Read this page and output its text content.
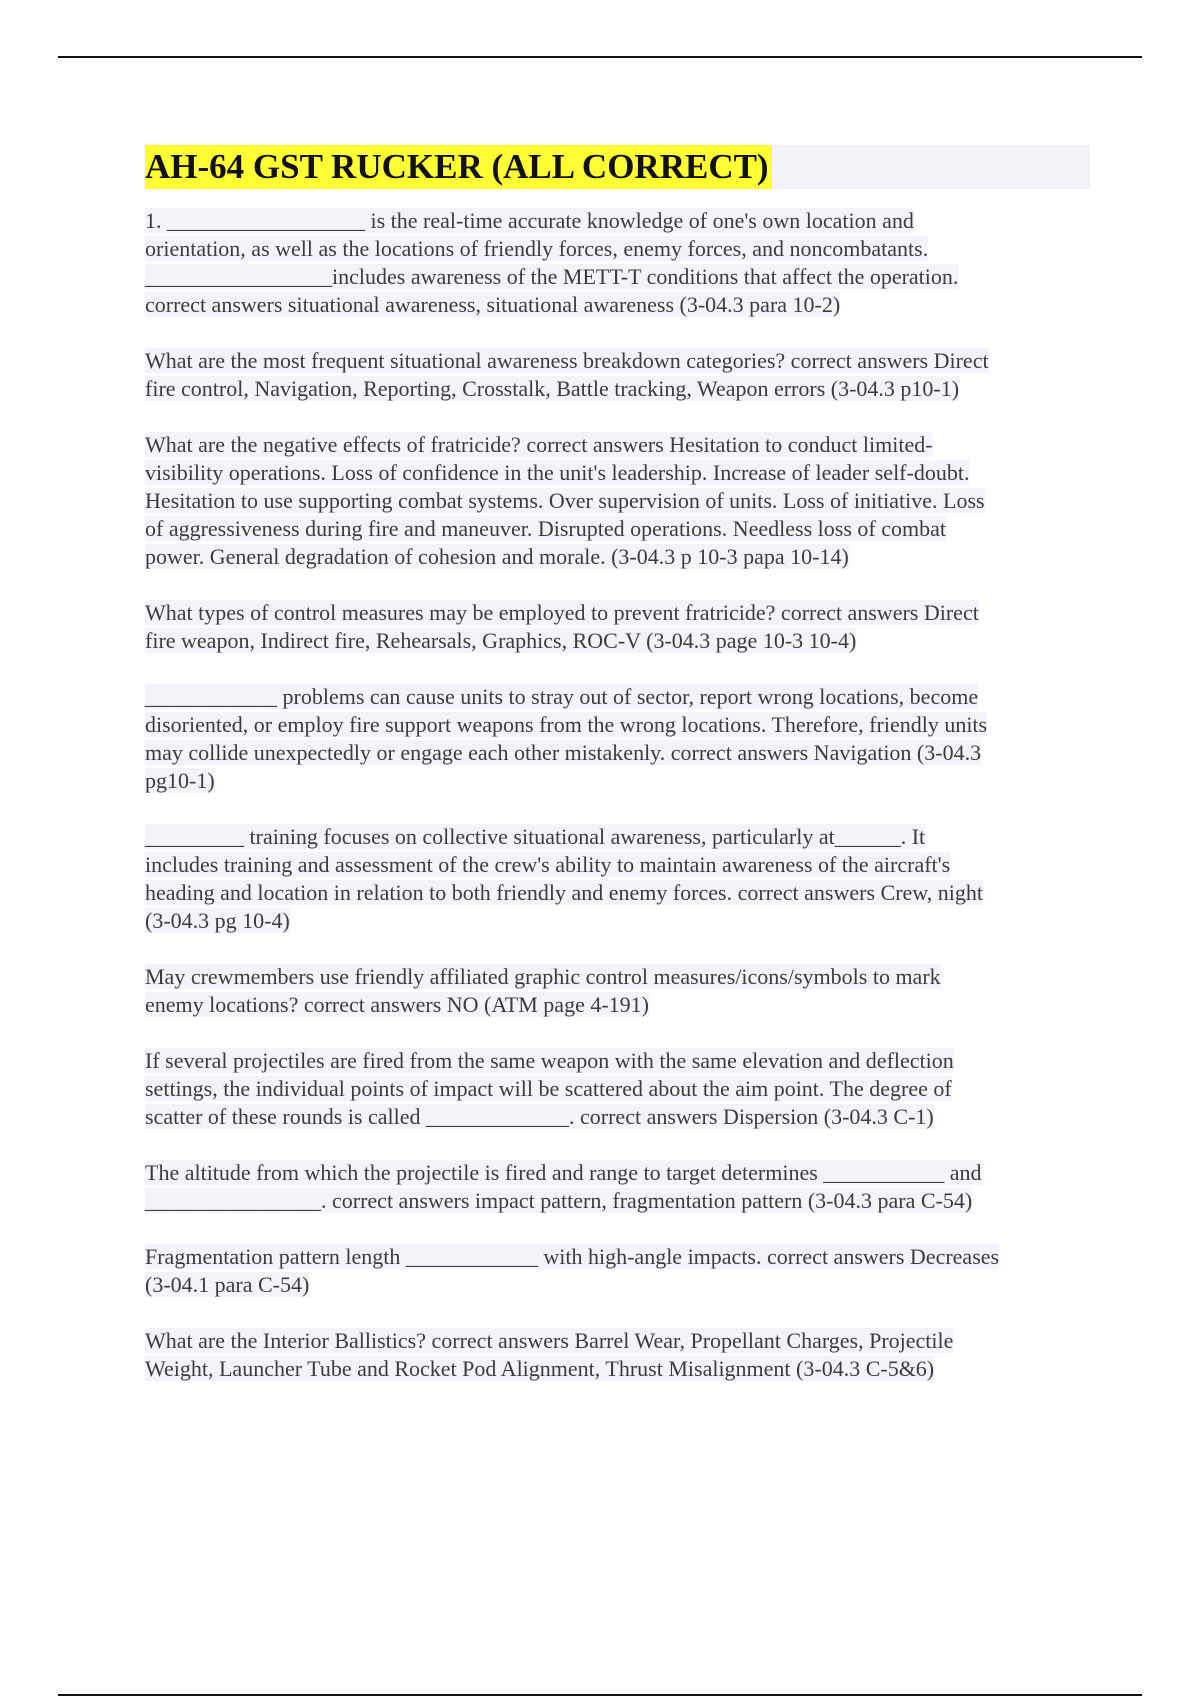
AH-64 GST RUCKER (ALL CORRECT)

1. __________________ is the real-time accurate knowledge of one's own location and

orientation, as well as the locations of friendly forces, enemy forces, and noncombatants.

_________________includes awareness of the METT-T conditions that affect the operation.

correct answers situational awareness, situational awareness (3-04.3 para 10-2)

What are the most frequent situational awareness breakdown categories? correct answers Direct

fire control, Navigation, Reporting, Crosstalk, Battle tracking, Weapon errors (3-04.3 p10-1)

What are the negative effects of fratricide? correct answers Hesitation to conduct limited-

visibility operations. Loss of confidence in the unit's leadership. Increase of leader self-doubt.

Hesitation to use supporting combat systems. Over supervision of units. Loss of initiative. Loss

of aggressiveness during fire and maneuver. Disrupted operations. Needless loss of combat

power. General degradation of cohesion and morale. (3-04.3 p 10-3 papa 10-14)

What types of control measures may be employed to prevent fratricide? correct answers Direct

fire weapon, Indirect fire, Rehearsals, Graphics, ROC-V (3-04.3 page 10-3 10-4)

____________ problems can cause units to stray out of sector, report wrong locations, become

disoriented, or employ fire support weapons from the wrong locations. Therefore, friendly units

may collide unexpectedly or engage each other mistakenly. correct answers Navigation (3-04.3

pg10-1)

_________ training focuses on collective situational awareness, particularly at______. It

includes training and assessment of the crew's ability to maintain awareness of the aircraft's

heading and location in relation to both friendly and enemy forces. correct answers Crew, night

(3-04.3 pg 10-4)

May crewmembers use friendly affiliated graphic control measures/icons/symbols to mark

enemy locations? correct answers NO (ATM page 4-191)

If several projectiles are fired from the same weapon with the same elevation and deflection

settings, the individual points of impact will be scattered about the aim point. The degree of

scatter of these rounds is called _____________. correct answers Dispersion (3-04.3 C-1)

The altitude from which the projectile is fired and range to target determines ___________ and

________________. correct answers impact pattern, fragmentation pattern (3-04.3 para C-54)

Fragmentation pattern length ____________ with high-angle impacts. correct answers Decreases

(3-04.1 para C-54)

What are the Interior Ballistics? correct answers Barrel Wear, Propellant Charges, Projectile

Weight, Launcher Tube and Rocket Pod Alignment, Thrust Misalignment (3-04.3 C-5&6)
